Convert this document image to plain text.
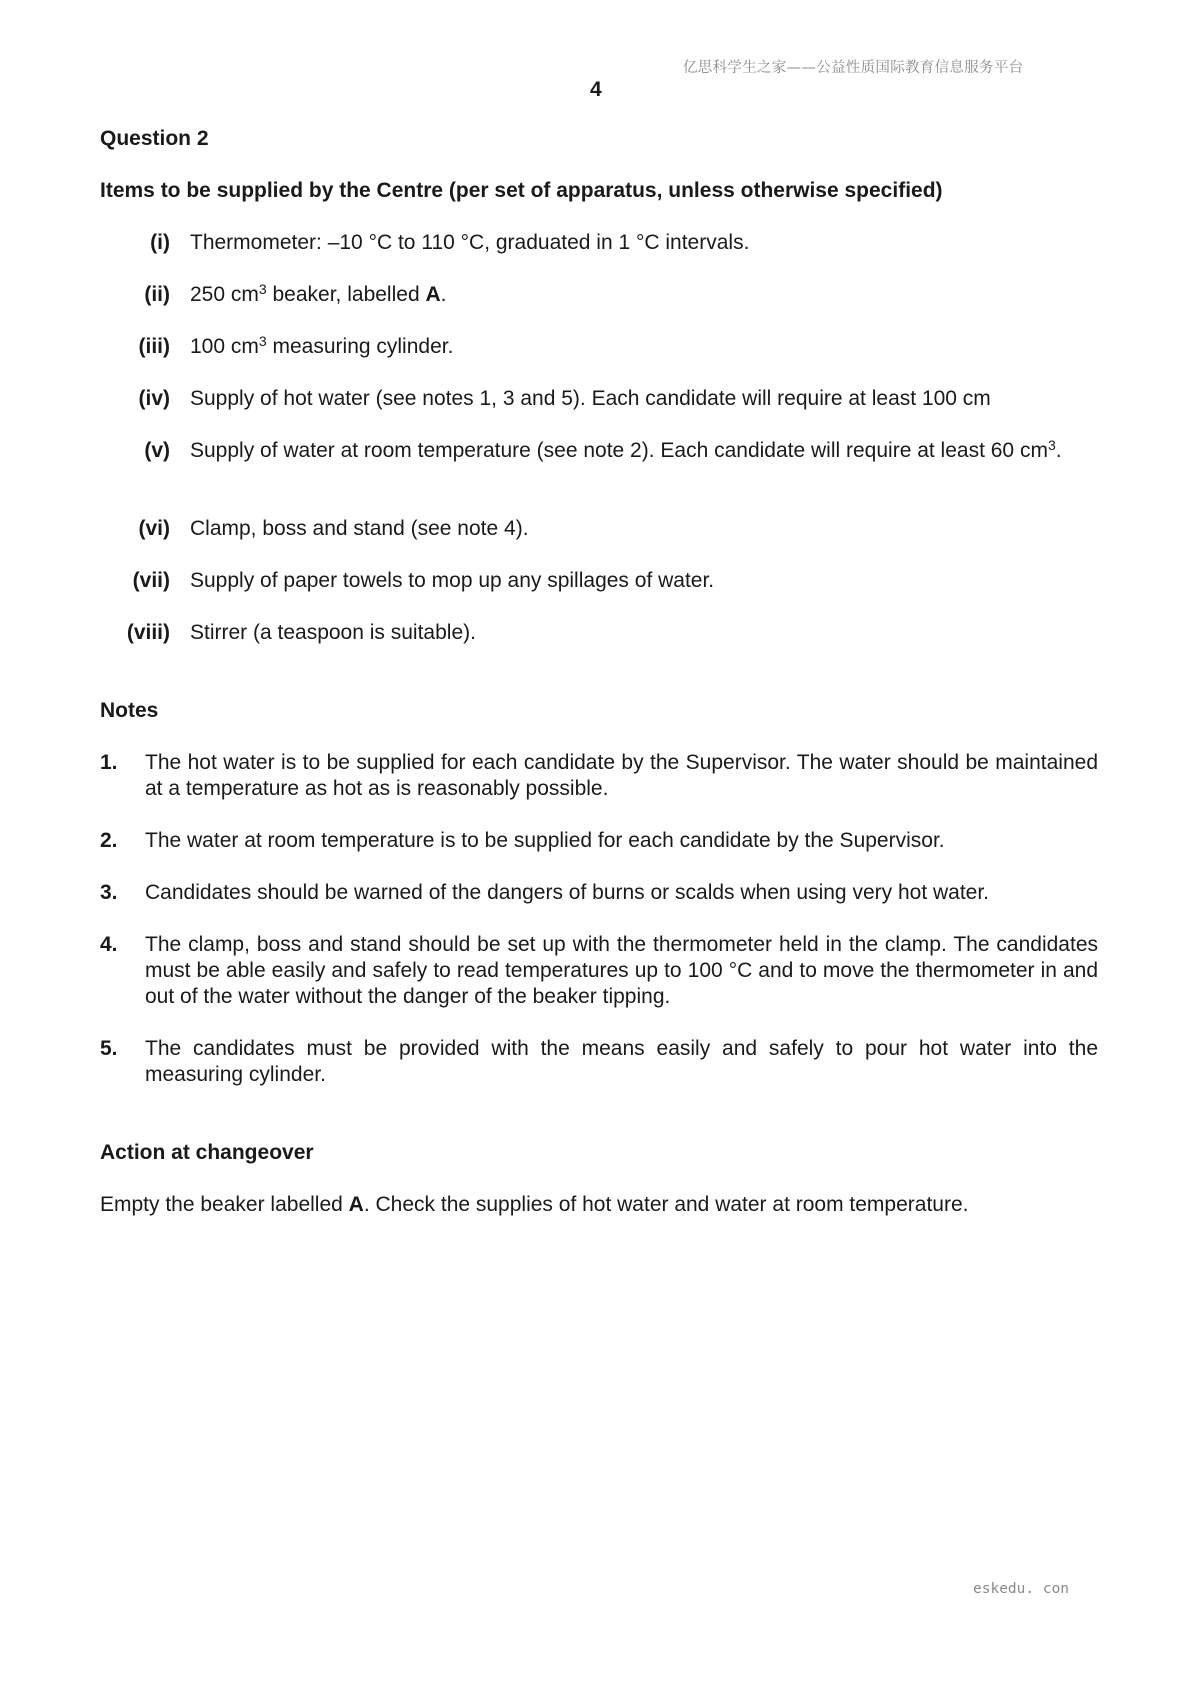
亿思科学生之家——公益性质国际教育信息服务平台
4
Question 2
Items to be supplied by the Centre (per set of apparatus, unless otherwise specified)
(i) Thermometer: –10 °C to 110 °C, graduated in 1 °C intervals.
(ii) 250 $cm^3$ beaker, labelled A.
(iii) 100 $cm^3$ measuring cylinder.
(iv) Supply of hot water (see notes 1, 3 and 5). Each candidate will require at least 100 cm
(v) Supply of water at room temperature (see note 2). Each candidate will require at least 60 $cm^3$.
(vi) Clamp, boss and stand (see note 4).
(vii) Supply of paper towels to mop up any spillages of water.
(viii) Stirrer (a teaspoon is suitable).
Notes
1. The hot water is to be supplied for each candidate by the Supervisor. The water should be maintained at a temperature as hot as is reasonably possible.
2. The water at room temperature is to be supplied for each candidate by the Supervisor.
3. Candidates should be warned of the dangers of burns or scalds when using very hot water.
4. The clamp, boss and stand should be set up with the thermometer held in the clamp. The candidates must be able easily and safely to read temperatures up to 100 °C and to move the thermometer in and out of the water without the danger of the beaker tipping.
5. The candidates must be provided with the means easily and safely to pour hot water into the measuring cylinder.
Action at changeover
Empty the beaker labelled A. Check the supplies of hot water and water at room temperature.
eskedu. con
